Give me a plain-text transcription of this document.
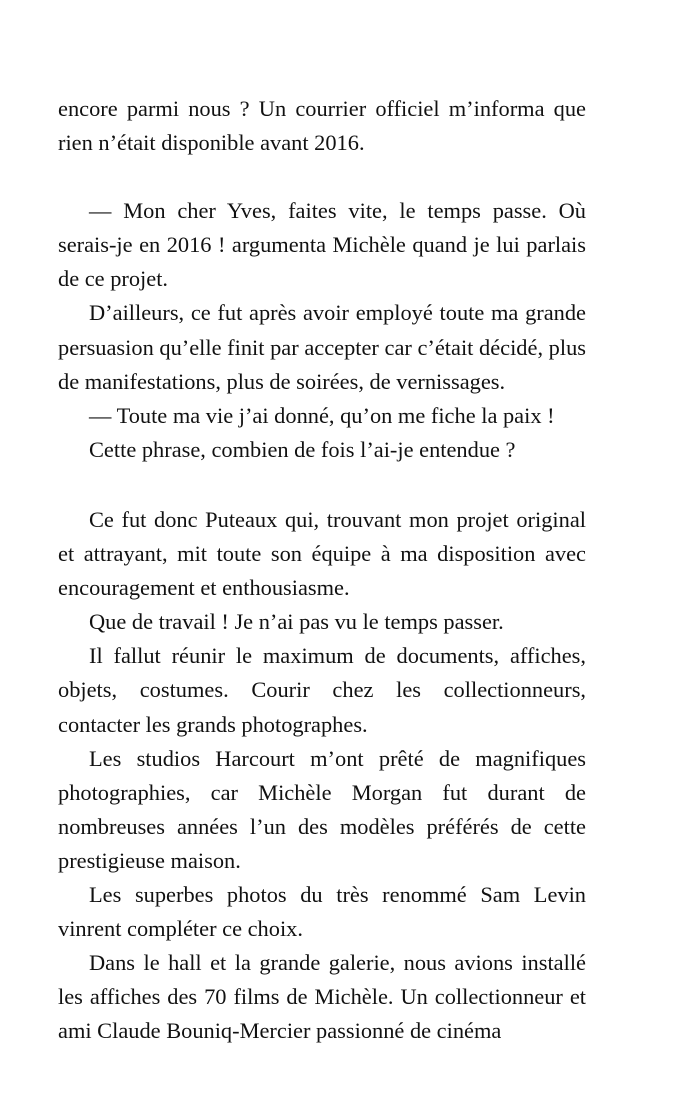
encore parmi nous ? Un courrier officiel m’informa que rien n’était disponible avant 2016.

— Mon cher Yves, faites vite, le temps passe. Où serais-je en 2016 ! argumenta Michèle quand je lui parlais de ce projet.

D’ailleurs, ce fut après avoir employé toute ma grande persuasion qu’elle finit par accepter car c’était décidé, plus de manifestations, plus de soirées, de vernissages.

— Toute ma vie j’ai donné, qu’on me fiche la paix !

Cette phrase, combien de fois l’ai-je entendue ?

Ce fut donc Puteaux qui, trouvant mon projet original et attrayant, mit toute son équipe à ma disposition avec encouragement et enthousiasme.

Que de travail ! Je n’ai pas vu le temps passer.

Il fallut réunir le maximum de documents, affiches, objets, costumes. Courir chez les collectionneurs, contacter les grands photographes.

Les studios Harcourt m’ont prêté de magnifiques photographies, car Michèle Morgan fut durant de nombreuses années l’un des modèles préférés de cette prestigieuse maison.

Les superbes photos du très renommé Sam Levin vinrent compléter ce choix.

Dans le hall et la grande galerie, nous avions installé les affiches des 70 films de Michèle. Un collectionneur et ami Claude Bouniq-Mercier passionné de cinéma
